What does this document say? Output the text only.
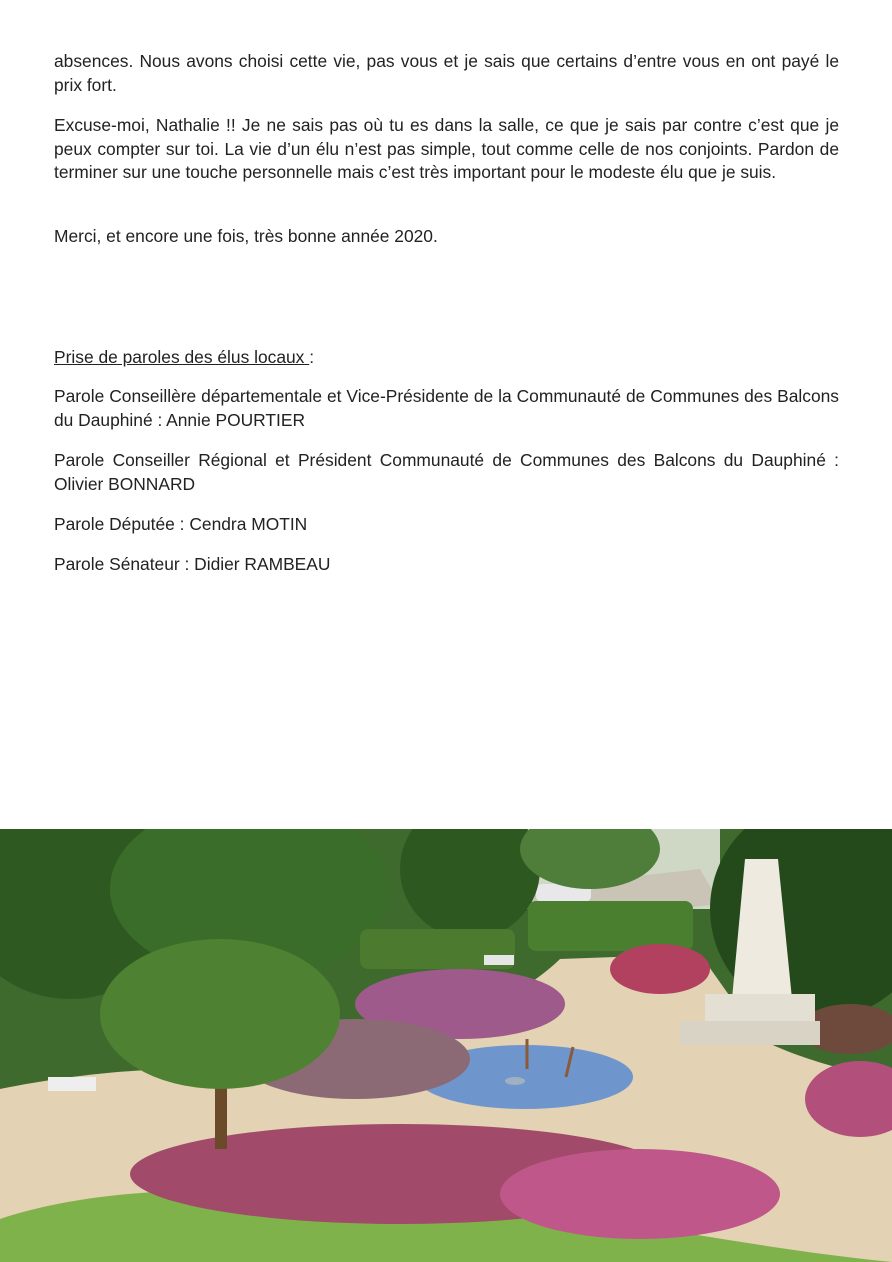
absences. Nous avons choisi cette vie, pas vous et je sais que certains d’entre vous en ont payé le prix fort.

Excuse-moi, Nathalie !! Je ne sais pas où tu es dans la salle, ce que je sais par contre c’est que je peux compter sur toi. La vie d’un élu n’est pas simple, tout comme celle de nos conjoints. Pardon de terminer sur une touche personnelle mais c’est très important pour le modeste élu que je suis.

Merci, et encore une fois, très bonne année 2020.

Prise de paroles des élus locaux :

Parole Conseillère départementale et Vice-Présidente de la Communauté de Communes des Balcons du Dauphiné : Annie POURTIER

Parole Conseiller Régional et Président Communauté de Communes des Balcons du Dauphiné : Olivier BONNARD

Parole Députée : Cendra MOTIN

Parole Sénateur : Didier RAMBEAU
